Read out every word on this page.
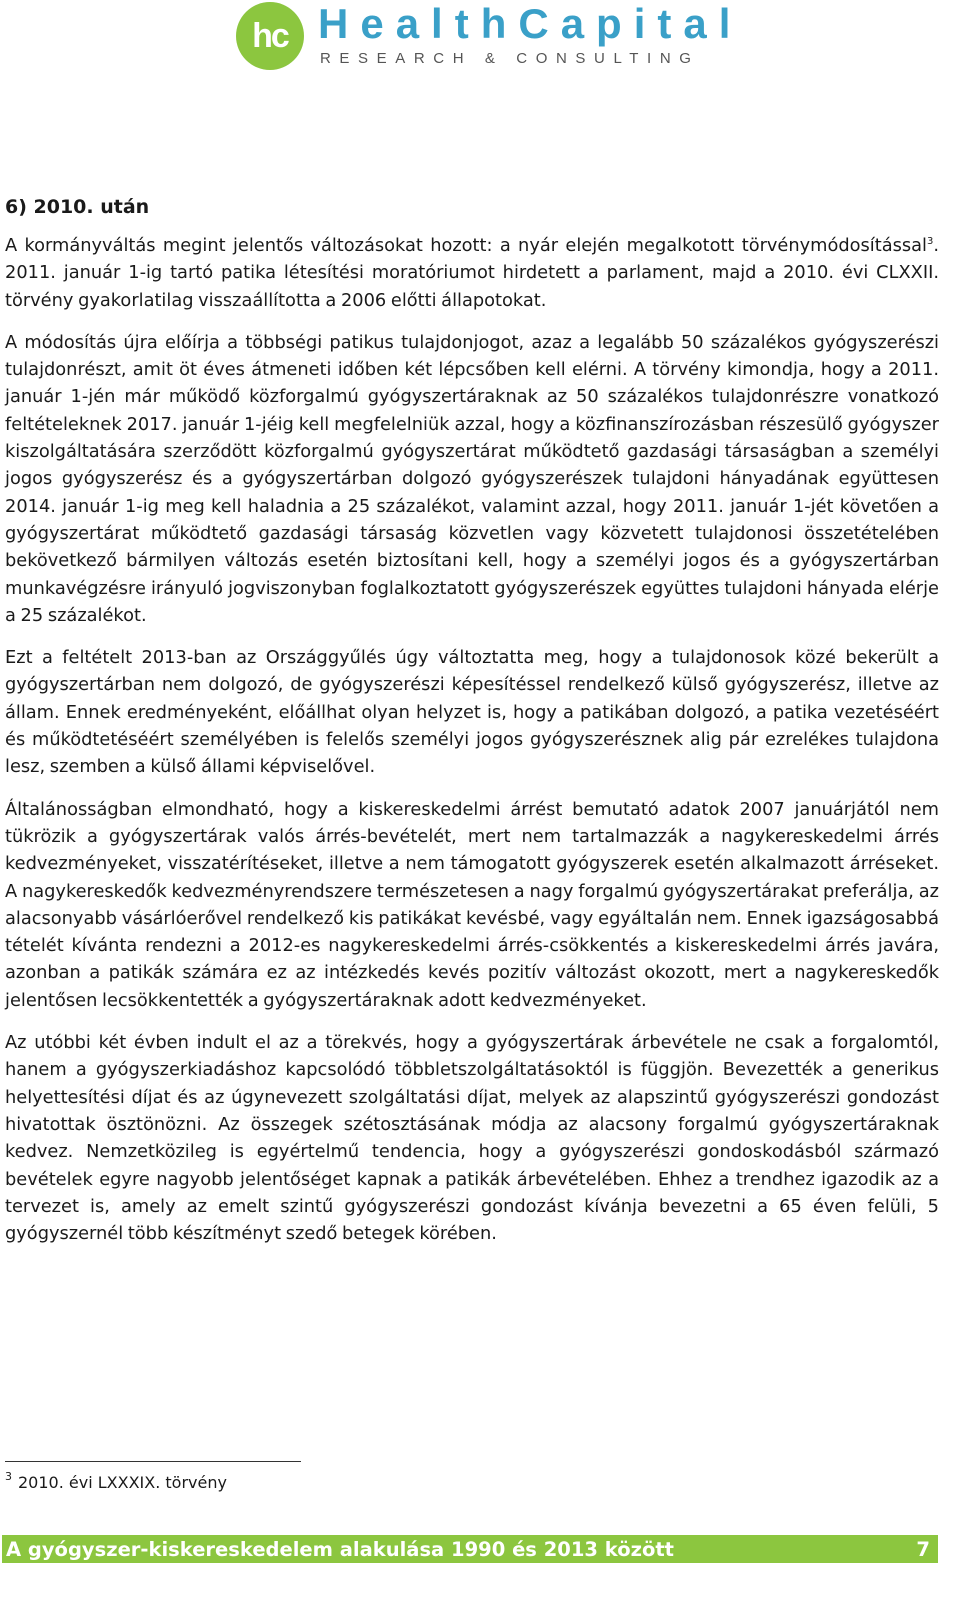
hc HealthCapital
RESEARCH & CONSULTING
6) 2010. után

A kormányváltás megint jelentős változásokat hozott: a nyár elején megalkotott törvénymódosítással$^3$. 2011. január 1-ig tartó patika létesítési moratóriumot hirdetett a parlament, majd a 2010. évi CLXXII. törvény gyakorlatilag visszaállította a 2006 előtti állapotokat.

A módosítás újra előírja a többségi patikus tulajdonjogot, azaz a legalább 50 százalékos gyógyszerészi tulajdonrészt, amit öt éves átmeneti időben két lépcsőben kell elérni. A törvény kimondja, hogy a 2011. január 1-jén már működő közforgalmú gyógyszertáraknak az 50 százalékos tulajdonrészre vonatkozó feltételeknek 2017. január 1-jéig kell megfelelniük azzal, hogy a közfinanszírozásban részesülő gyógyszer kiszolgáltatására szerződött közforgalmú gyógyszertárat működtető gazdasági társaságban a személyi jogos gyógyszerész és a gyógyszertárban dolgozó gyógyszerészek tulajdoni hányadának együttesen 2014. január 1-ig meg kell haladnia a 25 százalékot, valamint azzal, hogy 2011. január 1-jét követően a gyógyszertárat működtető gazdasági társaság közvetlen vagy közvetett tulajdonosi összetételében bekövetkező bármilyen változás esetén biztosítani kell, hogy a személyi jogos és a gyógyszertárban munkavégzésre irányuló jogviszonyban foglalkoztatott gyógyszerészek együttes tulajdoni hányada elérje a 25 százalékot.

Ezt a feltételt 2013-ban az Országgyűlés úgy változtatta meg, hogy a tulajdonosok közé bekerült a gyógyszertárban nem dolgozó, de gyógyszerészi képesítéssel rendelkező külső gyógyszerész, illetve az állam. Ennek eredményeként, előállhat olyan helyzet is, hogy a patikában dolgozó, a patika vezetéséért és működtetéséért személyében is felelős személyi jogos gyógyszerésznek alig pár ezrelékes tulajdona lesz, szemben a külső állami képviselővel.

Általánosságban elmondható, hogy a kiskereskedelmi árrést bemutató adatok 2007 januárjától nem tükrözik a gyógyszertárak valós árrés-bevételét, mert nem tartalmazzák a nagykereskedelmi árrés kedvezményeket, visszatérítéseket, illetve a nem támogatott gyógyszerek esetén alkalmazott árréseket. A nagykereskedők kedvezményrendszere természetesen a nagy forgalmú gyógyszertárakat preferálja, az alacsonyabb vásárlóerővel rendelkező kis patikákat kevésbé, vagy egyáltalán nem. Ennek igazságosabbá tételét kívánta rendezni a 2012-es nagykereskedelmi árrés-csökkentés a kiskereskedelmi árrés javára, azonban a patikák számára ez az intézkedés kevés pozitív változást okozott, mert a nagykereskedők jelentősen lecsökkentették a gyógyszertáraknak adott kedvezményeket.

Az utóbbi két évben indult el az a törekvés, hogy a gyógyszertárak árbevétele ne csak a forgalomtól, hanem a gyógyszerkiadáshoz kapcsolódó többletszolgáltatásoktól is függjön. Bevezették a generikus helyettesítési díjat és az úgynevezett szolgáltatási díjat, melyek az alapszintű gyógyszerészi gondozást hivatottak ösztönözni. Az összegek szétosztásának módja az alacsony forgalmú gyógyszertáraknak kedvez. Nemzetközileg is egyértelmű tendencia, hogy a gyógyszerészi gondoskodásból származó bevételek egyre nagyobb jelentőséget kapnak a patikák árbevételében. Ehhez a trendhez igazodik az a tervezet is, amely az emelt szintű gyógyszerészi gondozást kívánja bevezetni a 65 éven felüli, 5 gyógyszernél több készítményt szedő betegek körében.

$^3$ 2010. évi LXXXIX. törvény
A gyógyszer-kiskereskedelem alakulása 1990 és 2013 között	7
